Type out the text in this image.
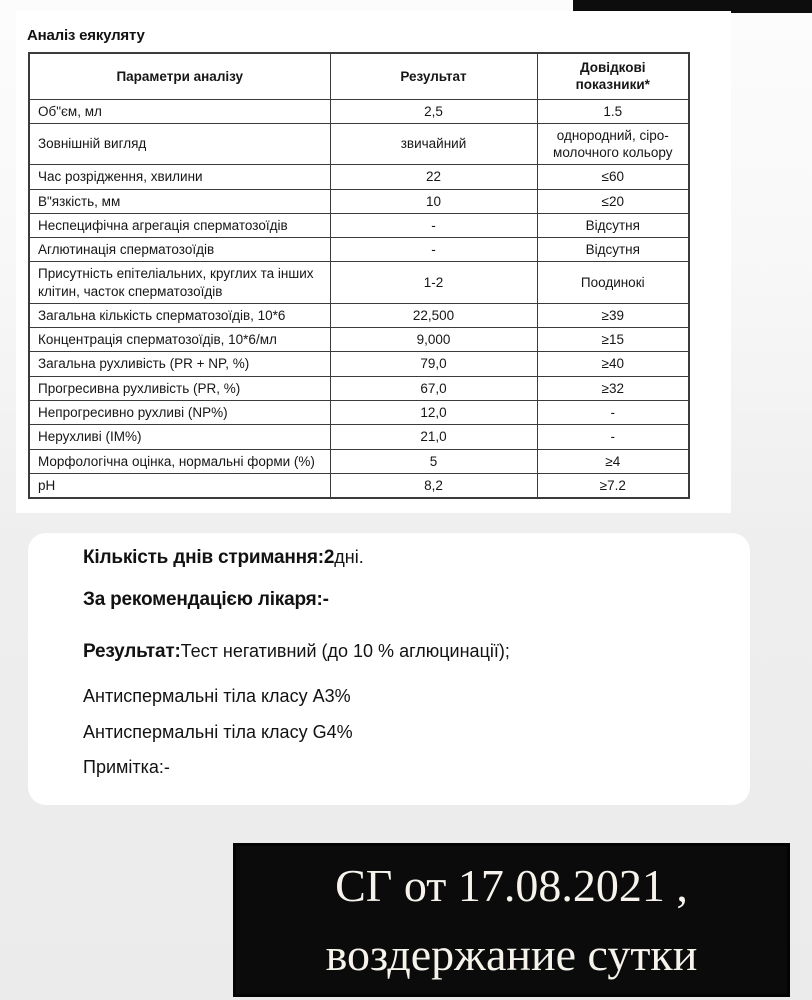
Аналіз еякуляту
Параметри аналізу	Результат	Довідкові показники*
Об"єм, мл	2,5	1.5
Зовнішній вигляд	звичайний	однородний, сіро-молочного кольору
Час розрідження, хвилини	22	≤60
В"язкість, мм	10	≤20
Неспецифічна агрегація сперматозоїдів	-	Відсутня
Аглютинація сперматозоїдів	-	Відсутня
Присутність епітеліальних, круглих та інших клітин, часток сперматозоїдів	1-2	Поодинокі
Загальна кількість сперматозоїдів, 10*6	22,500	≥39
Концентрація сперматозоїдів, 10*6/мл	9,000	≥15
Загальна рухливість (PR + NP, %)	79,0	≥40
Прогресивна рухливість (PR, %)	67,0	≥32
Непрогресивно рухливі (NP%)	12,0	-
Нерухливі (IM%)	21,0	-
Морфологічна оцінка, нормальні форми (%)	5	≥4
pH	8,2	≥7.2
Кількість днів стримання:2дні.
За рекомендацією лікаря:-
Результат:Тест негативний (до 10 % аглюцинації);
Антиспермальні тіла класу A3%
Антиспермальні тіла класу G4%
Примітка:-
СГ от 17.08.2021 ,
воздержание сутки
